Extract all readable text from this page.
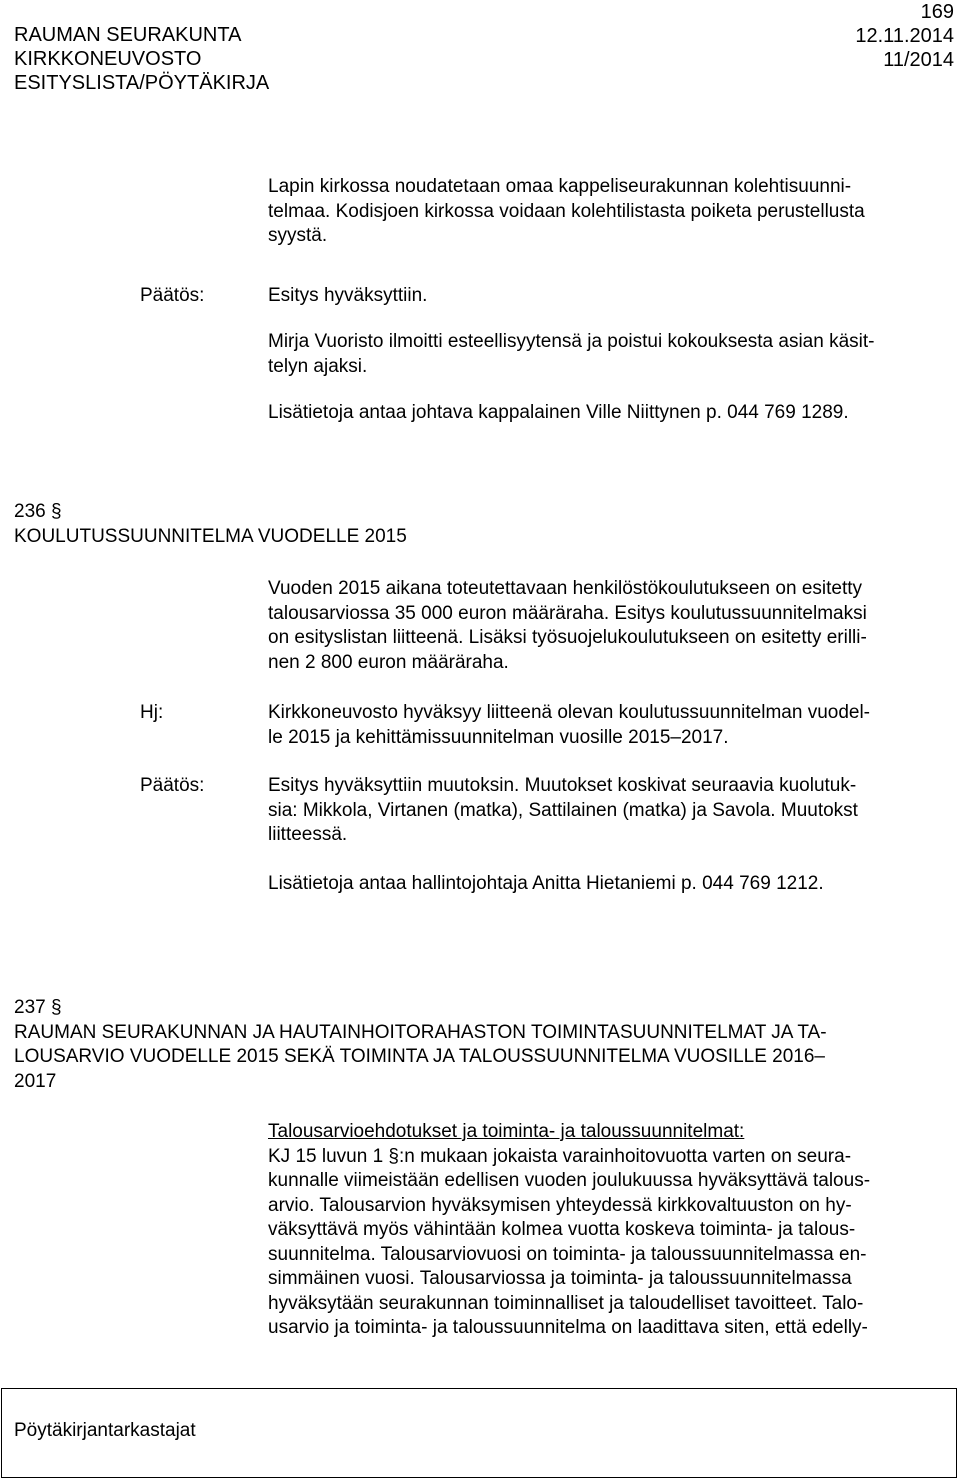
RAUMAN SEURAKUNTA
KIRKKONEUVOSTO
ESITYSLISTA/PÖYTÄKIRJA
169
12.11.2014
11/2014
Lapin kirkossa noudatetaan omaa kappeliseurakunnan kolehtisuunni-
telmaa. Kodisjoen kirkossa voidaan kolehtilistasta poiketa perustellusta
syystä.
Päätös:	Esitys hyväksyttiin.
Mirja Vuoristo ilmoitti esteellisyytensä ja poistui kokouksesta asian käsit-
telyn ajaksi.
Lisätietoja antaa johtava kappalainen Ville Niittynen p. 044 769 1289.
236 §
KOULUTUSSUUNNITELMA VUODELLE 2015
Vuoden 2015 aikana toteutettavaan henkilöstökoulutukseen on esitetty
talousarviossa 35 000 euron määräraha. Esitys koulutussuunnitelmaksi
on esityslistan liitteenä. Lisäksi työsuojelukoulutukseen on esitetty erilli-
nen 2 800 euron määräraha.
Hj:	Kirkkoneuvosto hyväksyy liitteenä olevan koulutussuunnitelman vuodel-
le 2015 ja kehittämissuunnitelman vuosille 2015–2017.
Päätös:	Esitys hyväksyttiin muutoksin. Muutokset koskivat seuraavia kuolutuk-
sia: Mikkola, Virtanen (matka), Sattilainen (matka) ja Savola. Muutokst
liitteessä.
Lisätietoja antaa hallintojohtaja Anitta Hietaniemi p. 044 769 1212.
237 §
RAUMAN SEURAKUNNAN JA HAUTAINHOITORAHASTON TOIMINTASUUNNITELMAT JA TA-
LOUSARVIO VUODELLE 2015 SEKÄ TOIMINTA JA TALOUSSUUNNITELMA VUOSILLE 2016–
2017
Talousarvioehdotukset ja toiminta- ja taloussuunnitelmat:
KJ 15 luvun 1 §:n mukaan jokaista varainhoitovuotta varten on seura-
kunnalle viimeistään edellisen vuoden joulukuussa hyväksyttävä talous-
arvio. Talousarvion hyväksymisen yhteydessä kirkkovaltuuston on hy-
väksyttävä myös vähintään kolmea vuotta koskeva toiminta- ja talous-
suunnitelma. Talousarviovuosi on toiminta- ja taloussuunnitelmassa en-
simmäinen vuosi. Talousarviossa ja toiminta- ja taloussuunnitelmassa
hyväksytään seurakunnan toiminnalliset ja taloudelliset tavoitteet. Talo-
usarvio ja toiminta- ja taloussuunnitelma on laadittava siten, että edelly-
Pöytäkirjantarkastajat
